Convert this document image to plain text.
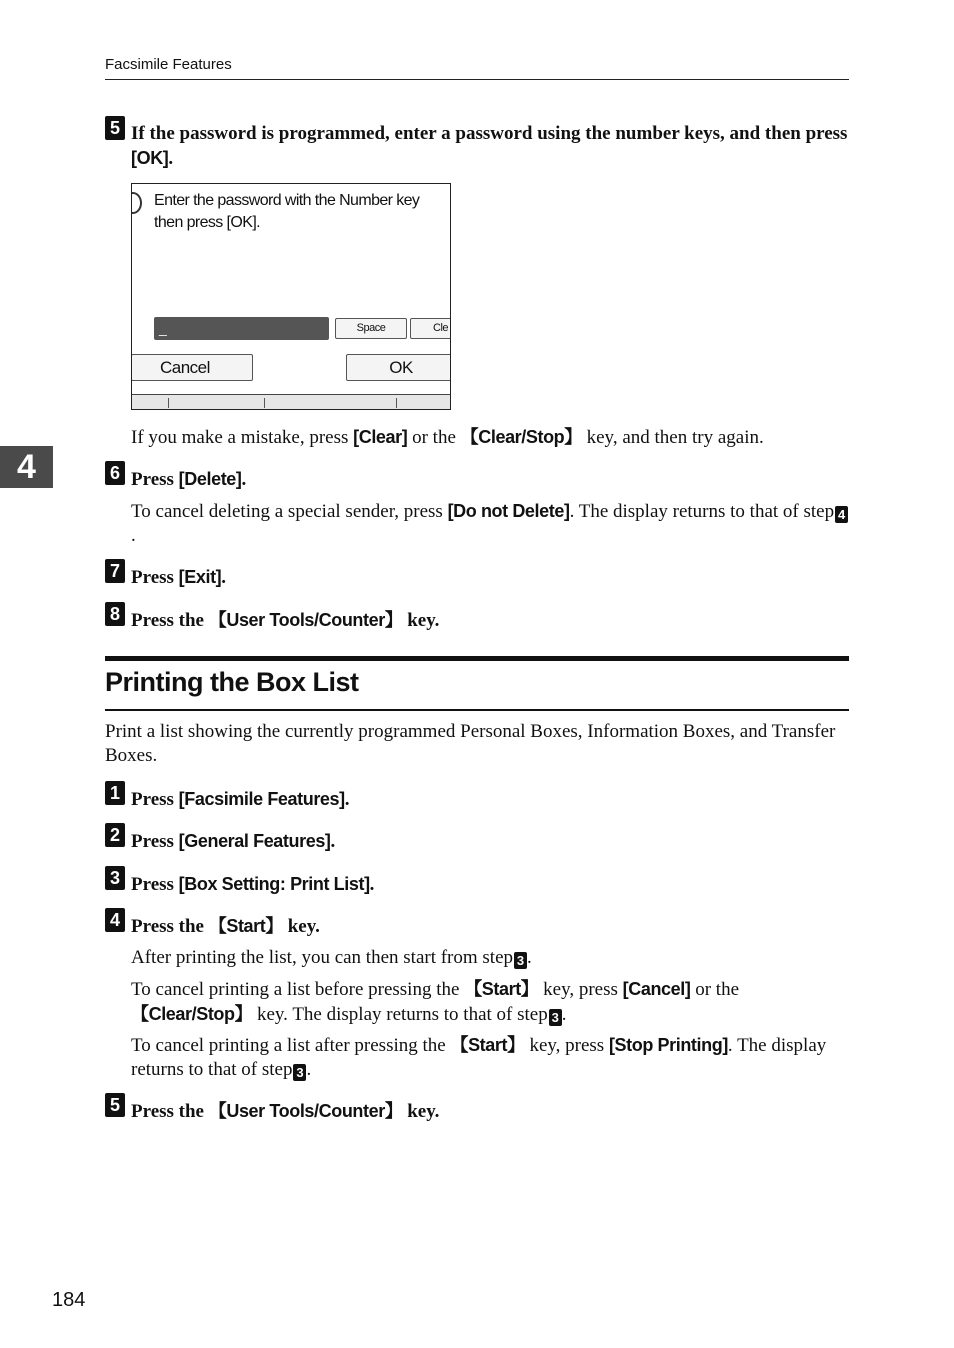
Facsimile Features
4
5 If the password is programmed, enter a password using the number keys, and then press [OK].
Enter the password with the Number key
then press [OK].
_	Space	Cle
Cancel	OK
If you make a mistake, press [Clear] or the 【Clear/Stop】 key, and then try again.
6 Press [Delete].
To cancel deleting a special sender, press [Do not Delete]. The display returns to that of step 4.
7 Press [Exit].
8 Press the 【User Tools/Counter】 key.
Printing the Box List
Print a list showing the currently programmed Personal Boxes, Information Boxes, and Transfer Boxes.
1 Press [Facsimile Features].
2 Press [General Features].
3 Press [Box Setting: Print List].
4 Press the 【Start】 key.
After printing the list, you can then start from step 3 .
To cancel printing a list before pressing the 【Start】 key, press [Cancel] or the 【Clear/Stop】 key. The display returns to that of step 3 .
To cancel printing a list after pressing the 【Start】 key, press [Stop Printing]. The display returns to that of step 3 .
5 Press the 【User Tools/Counter】 key.
184
